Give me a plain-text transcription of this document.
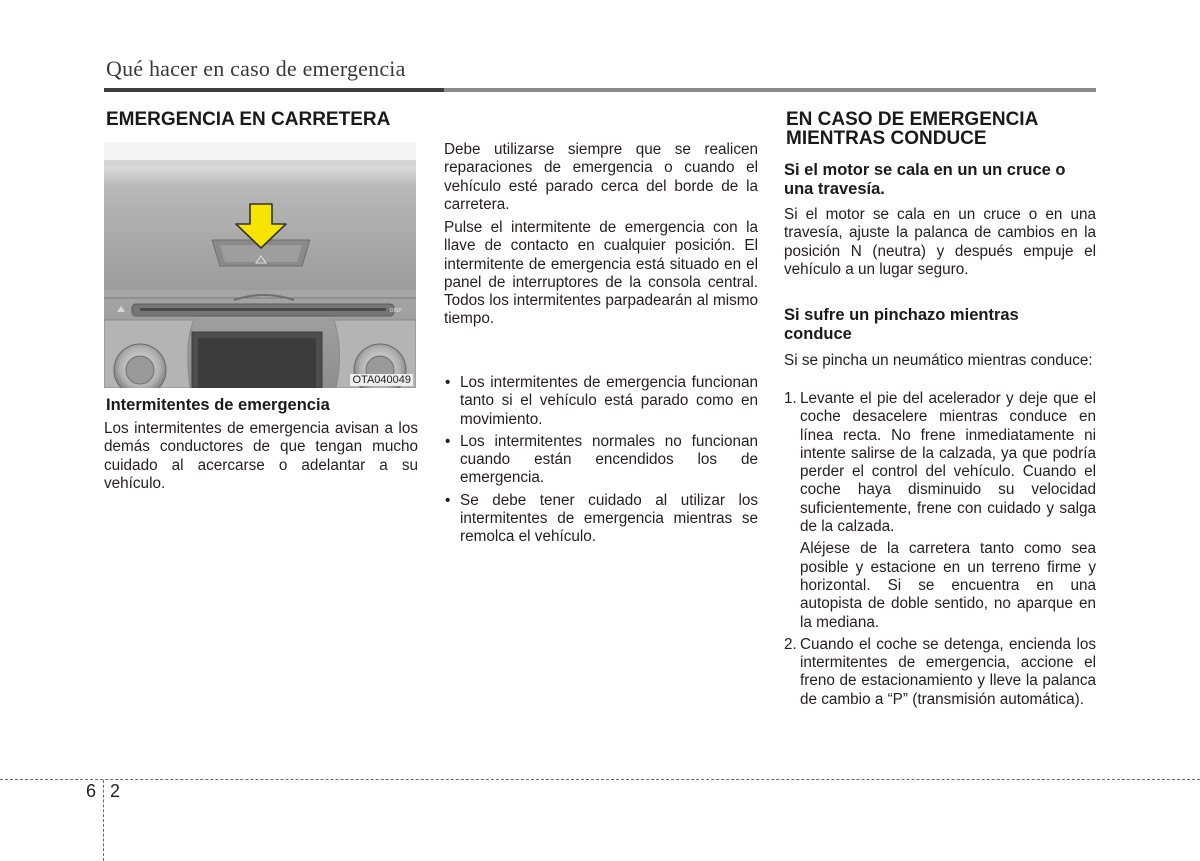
Qué hacer en caso de emergencia
EMERGENCIA EN CARRETERA
DISP
OTA040049
Intermitentes de emergencia
Los intermitentes de emergencia avisan a los demás conductores de que tengan mucho cuidado al acercarse o adelantar a su vehículo.
Debe utilizarse siempre que se realicen reparaciones de emergencia o cuando el vehículo esté parado cerca del borde de la carretera.
Pulse el intermitente de emergencia con la llave de contacto en cualquier posición. El intermitente de emergencia está situado en el panel de interruptores de la consola central. Todos los intermitentes parpadearán al mismo tiempo.
• Los intermitentes de emergencia funcionan tanto si el vehículo está parado como en movimiento.
• Los intermitentes normales no funcionan cuando están encendidos los de emergencia.
• Se debe tener cuidado al utilizar los intermitentes de emergencia mientras se remolca el vehículo.
EN CASO DE EMERGENCIA
MIENTRAS CONDUCE
Si el motor se cala en un un cruce o una travesía.
Si el motor se cala en un cruce o en una travesía, ajuste la palanca de cambios en la posición N (neutra) y después empuje el vehículo a un lugar seguro.
Si sufre un pinchazo mientras conduce
Si se pincha un neumático mientras conduce:
1. Levante el pie del acelerador y deje que el coche desacelere mientras conduce en línea recta. No frene inmediatamente ni intente salirse de la calzada, ya que podría perder el control del vehículo. Cuando el coche haya disminuido su velocidad suficientemente, frene con cuidado y salga de la calzada.

Aléjese de la carretera tanto como sea posible y estacione en un terreno firme y horizontal. Si se encuentra en una autopista de doble sentido, no aparque en la mediana.

2. Cuando el coche se detenga, encienda los intermitentes de emergencia, accione el freno de estacionamiento y lleve la palanca de cambio a “P” (transmisión automática).

6 2
